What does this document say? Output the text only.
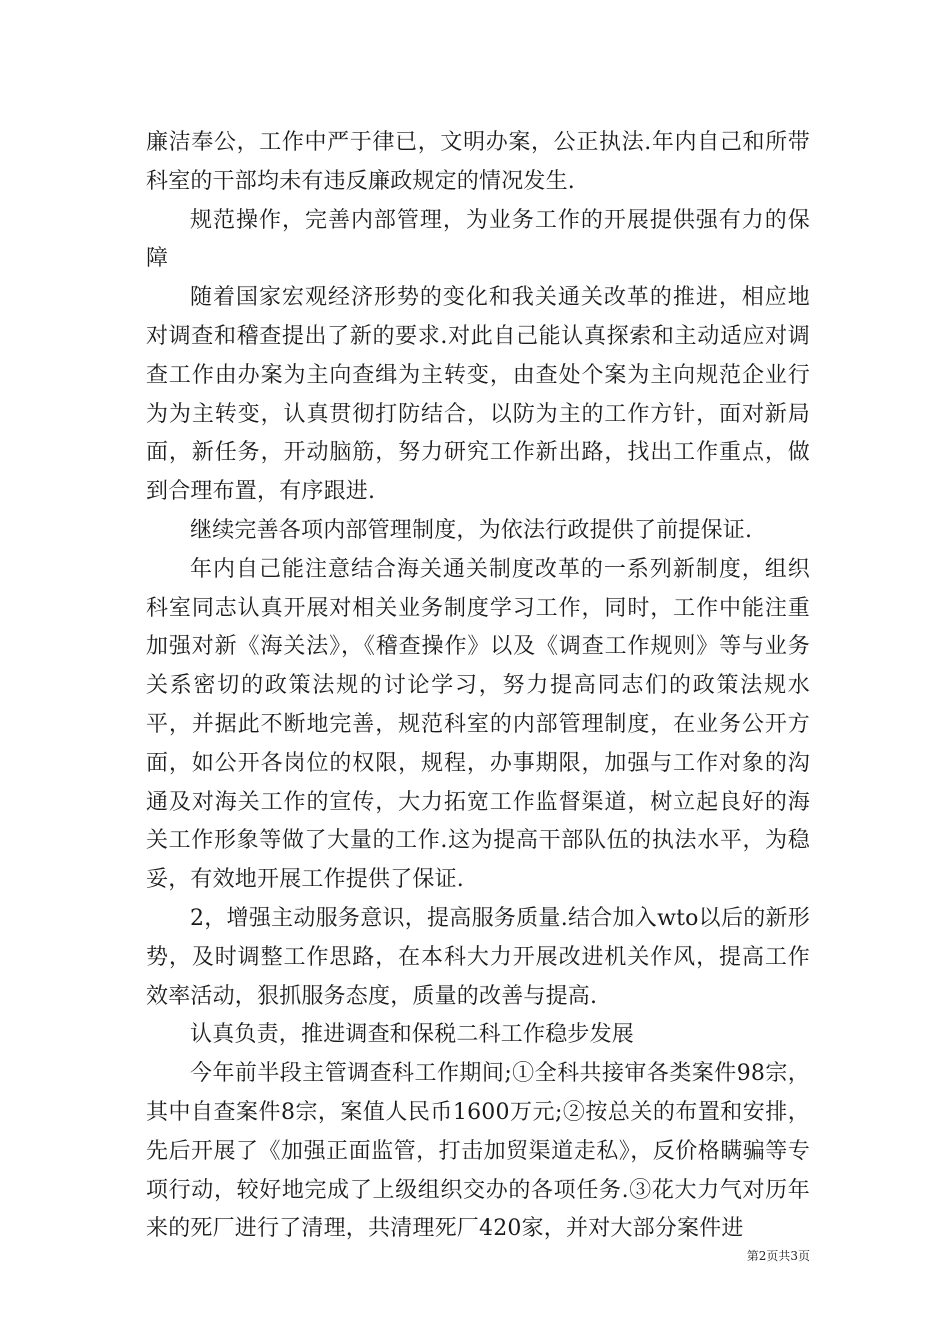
廉洁奉公，工作中严于律已，文明办案，公正执法.年内自己和所带科室的干部均未有违反廉政规定的情况发生.

规范操作，完善内部管理，为业务工作的开展提供强有力的保障

随着国家宏观经济形势的变化和我关通关改革的推进，相应地对调查和稽查提出了新的要求.对此自己能认真探索和主动适应对调查工作由办案为主向查缉为主转变，由查处个案为主向规范企业行为为主转变，认真贯彻打防结合，以防为主的工作方针，面对新局面，新任务，开动脑筋，努力研究工作新出路，找出工作重点，做到合理布置，有序跟进.

继续完善各项内部管理制度，为依法行政提供了前提保证.

年内自己能注意结合海关通关制度改革的一系列新制度，组织科室同志认真开展对相关业务制度学习工作，同时，工作中能注重加强对新《海关法》，《稽查操作》以及《调查工作规则》等与业务关系密切的政策法规的讨论学习，努力提高同志们的政策法规水平，并据此不断地完善，规范科室的内部管理制度，在业务公开方面，如公开各岗位的权限，规程，办事期限，加强与工作对象的沟通及对海关工作的宣传，大力拓宽工作监督渠道，树立起良好的海关工作形象等做了大量的工作.这为提高干部队伍的执法水平，为稳妥，有效地开展工作提供了保证.

2，增强主动服务意识，提高服务质量.结合加入wto以后的新形势，及时调整工作思路，在本科大力开展改进机关作风，提高工作效率活动，狠抓服务态度，质量的改善与提高.

认真负责，推进调查和保税二科工作稳步发展

今年前半段主管调查科工作期间;①全科共接审各类案件98宗，其中自查案件8宗，案值人民币1600万元;②按总关的布置和安排，先后开展了《加强正面监管，打击加贸渠道走私》，反价格瞒骗等专项行动，较好地完成了上级组织交办的各项任务.③花大力气对历年来的死厂进行了清理，共清理死厂420家，并对大部分案件进

第2页共3页
